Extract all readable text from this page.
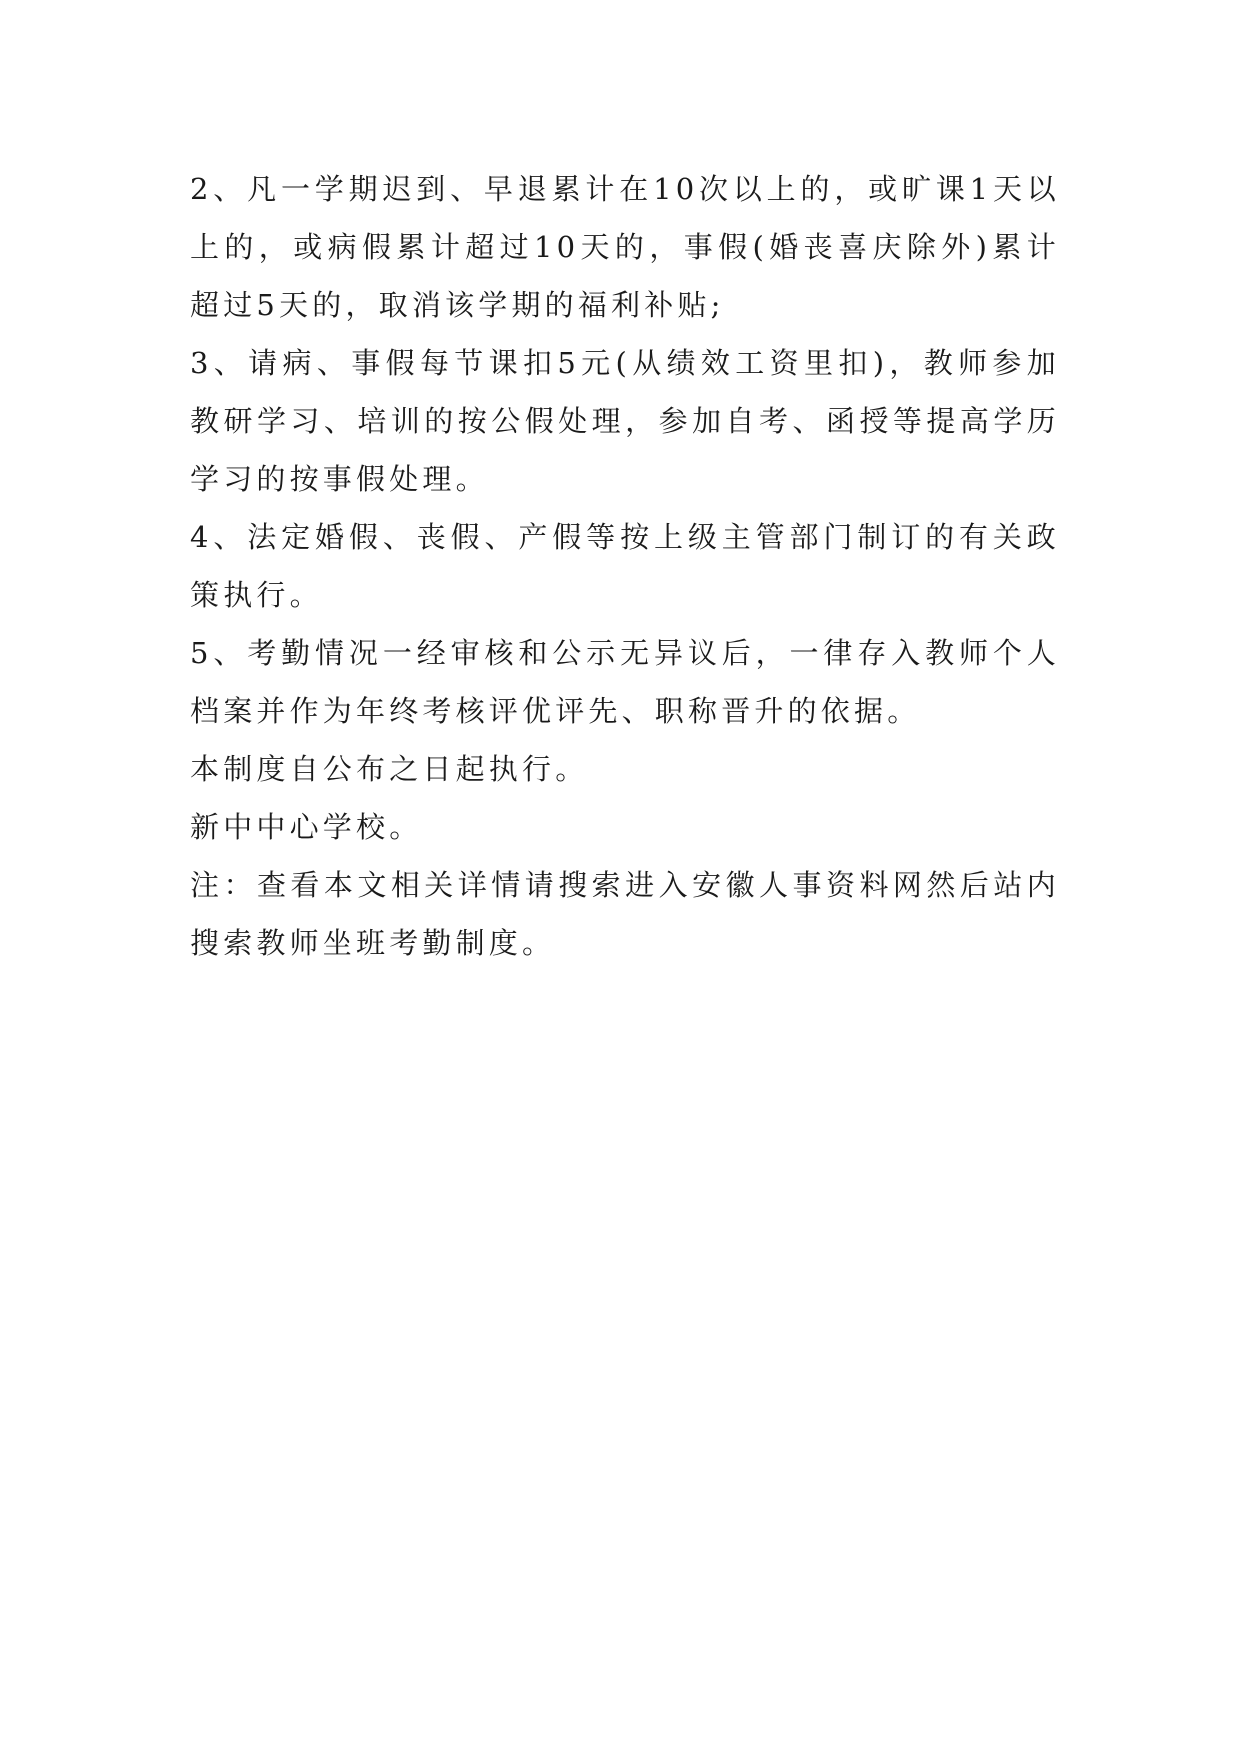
2、凡一学期迟到、早退累计在10次以上的，或旷课1天以上的，或病假累计超过10天的，事假(婚丧喜庆除外)累计超过5天的，取消该学期的福利补贴;

3、请病、事假每节课扣5元(从绩效工资里扣)，教师参加教研学习、培训的按公假处理，参加自考、函授等提高学历学习的按事假处理。

4、法定婚假、丧假、产假等按上级主管部门制订的有关政策执行。

5、考勤情况一经审核和公示无异议后，一律存入教师个人档案并作为年终考核评优评先、职称晋升的依据。

本制度自公布之日起执行。

新中中心学校。

注：查看本文相关详情请搜索进入安徽人事资料网然后站内搜索教师坐班考勤制度。
